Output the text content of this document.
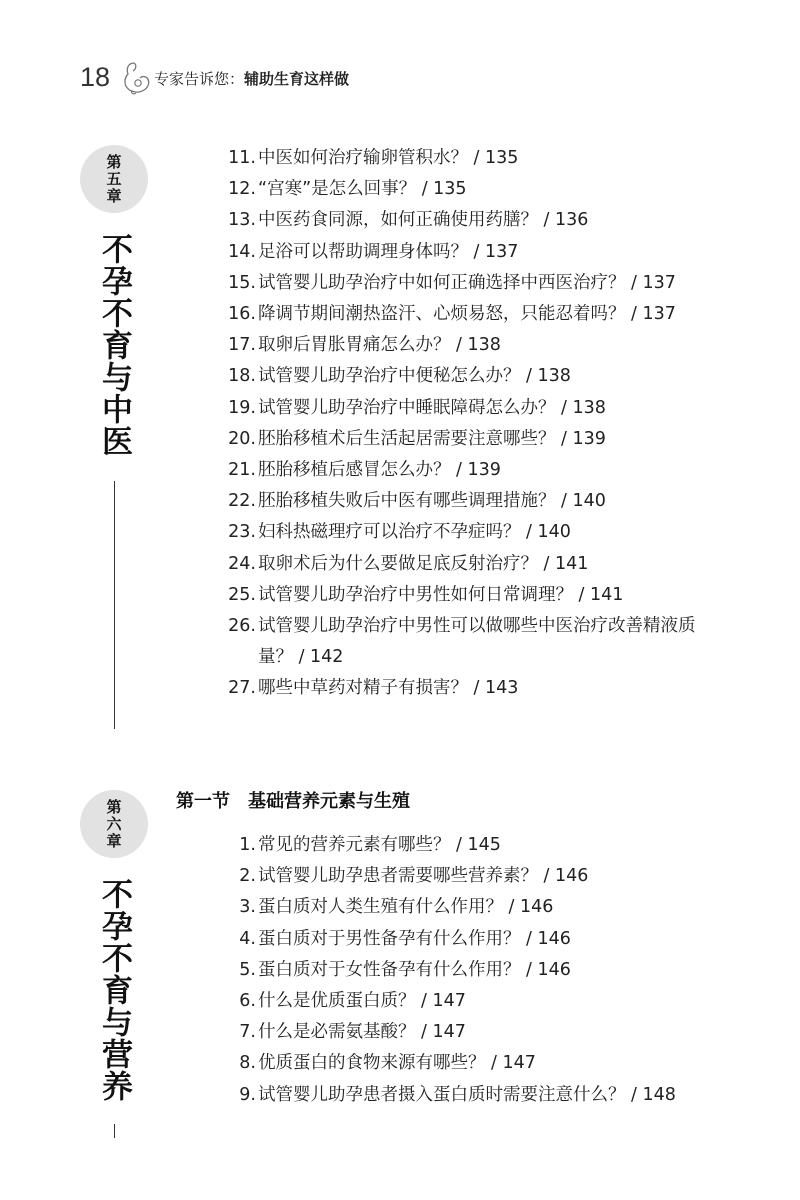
18	专家告诉您：辅助生育这样做
第
五
章
不孕不育与中医
11. 中医如何治疗输卵管积水？ / 135
12. “宫寒”是怎么回事？ / 135
13. 中医药食同源，如何正确使用药膳？ / 136
14. 足浴可以帮助调理身体吗？ / 137
15. 试管婴儿助孕治疗中如何正确选择中西医治疗？ / 137
16. 降调节期间潮热盗汗、心烦易怒，只能忍着吗？ / 137
17. 取卵后胃胀胃痛怎么办？ / 138
18. 试管婴儿助孕治疗中便秘怎么办？ / 138
19. 试管婴儿助孕治疗中睡眠障碍怎么办？ / 138
20. 胚胎移植术后生活起居需要注意哪些？ / 139
21. 胚胎移植后感冒怎么办？ / 139
22. 胚胎移植失败后中医有哪些调理措施？ / 140
23. 妇科热磁理疗可以治疗不孕症吗？ / 140
24. 取卵术后为什么要做足底反射治疗？ / 141
25. 试管婴儿助孕治疗中男性如何日常调理？ / 141
26. 试管婴儿助孕治疗中男性可以做哪些中医治疗改善精液质量？ / 142
27. 哪些中草药对精子有损害？ / 143
第
六
章
不孕不育与营养
第一节 基础营养元素与生殖
1. 常见的营养元素有哪些？ / 145
2. 试管婴儿助孕患者需要哪些营养素？ / 146
3. 蛋白质对人类生殖有什么作用？ / 146
4. 蛋白质对于男性备孕有什么作用？ / 146
5. 蛋白质对于女性备孕有什么作用？ / 146
6. 什么是优质蛋白质？ / 147
7. 什么是必需氨基酸？ / 147
8. 优质蛋白的食物来源有哪些？ / 147
9. 试管婴儿助孕患者摄入蛋白质时需要注意什么？ / 148
